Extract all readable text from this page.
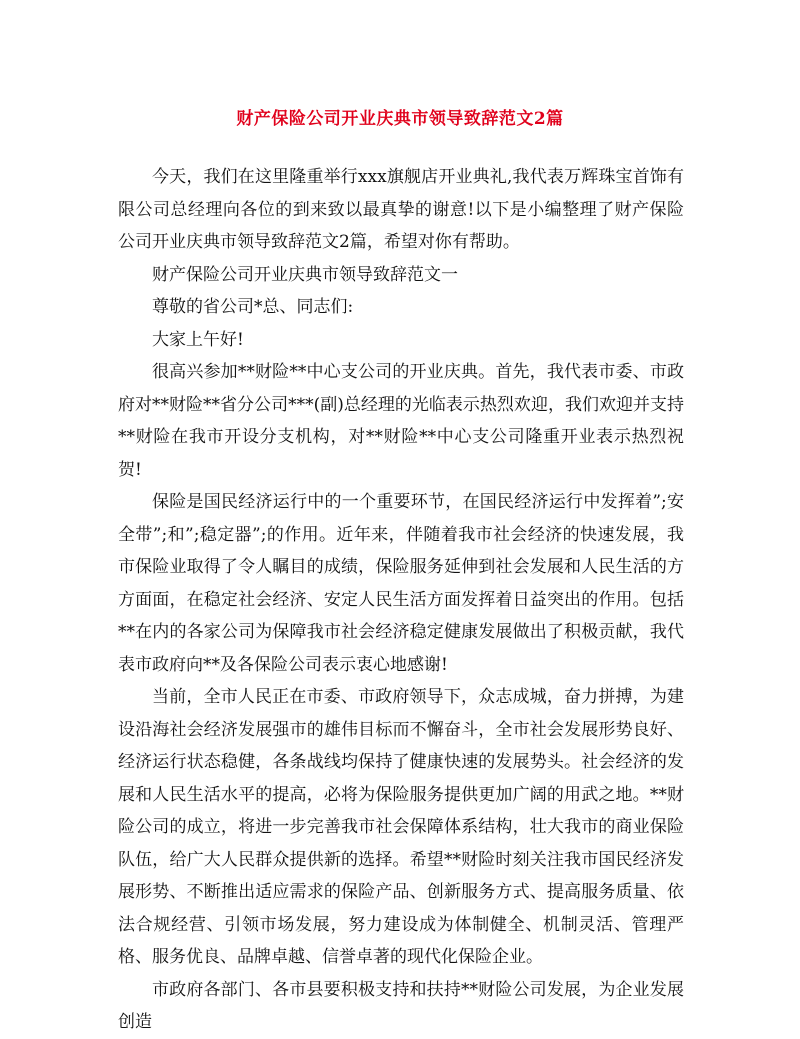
财产保险公司开业庆典市领导致辞范文2篇

今天，我们在这里隆重举行xxx旗舰店开业典礼,我代表万辉珠宝首饰有限公司总经理向各位的到来致以最真挚的谢意!以下是小编整理了财产保险公司开业庆典市领导致辞范文2篇，希望对你有帮助。

财产保险公司开业庆典市领导致辞范文一

尊敬的省公司*总、同志们:

大家上午好!

很高兴参加**财险**中心支公司的开业庆典。首先，我代表市委、市政府对**财险**省分公司***(副)总经理的光临表示热烈欢迎，我们欢迎并支持**财险在我市开设分支机构，对**财险**中心支公司隆重开业表示热烈祝贺!

保险是国民经济运行中的一个重要环节，在国民经济运行中发挥着”;安全带”;和”;稳定器”;的作用。近年来，伴随着我市社会经济的快速发展，我市保险业取得了令人瞩目的成绩，保险服务延伸到社会发展和人民生活的方方面面，在稳定社会经济、安定人民生活方面发挥着日益突出的作用。包括**在内的各家公司为保障我市社会经济稳定健康发展做出了积极贡献，我代表市政府向**及各保险公司表示衷心地感谢!

当前，全市人民正在市委、市政府领导下，众志成城，奋力拼搏，为建设沿海社会经济发展强市的雄伟目标而不懈奋斗，全市社会发展形势良好、经济运行状态稳健，各条战线均保持了健康快速的发展势头。社会经济的发展和人民生活水平的提高，必将为保险服务提供更加广阔的用武之地。**财险公司的成立，将进一步完善我市社会保障体系结构，壮大我市的商业保险队伍，给广大人民群众提供新的选择。希望**财险时刻关注我市国民经济发展形势、不断推出适应需求的保险产品、创新服务方式、提高服务质量、依法合规经营、引领市场发展，努力建设成为体制健全、机制灵活、管理严格、服务优良、品牌卓越、信誉卓著的现代化保险企业。

市政府各部门、各市县要积极支持和扶持**财险公司发展，为企业发展创造
